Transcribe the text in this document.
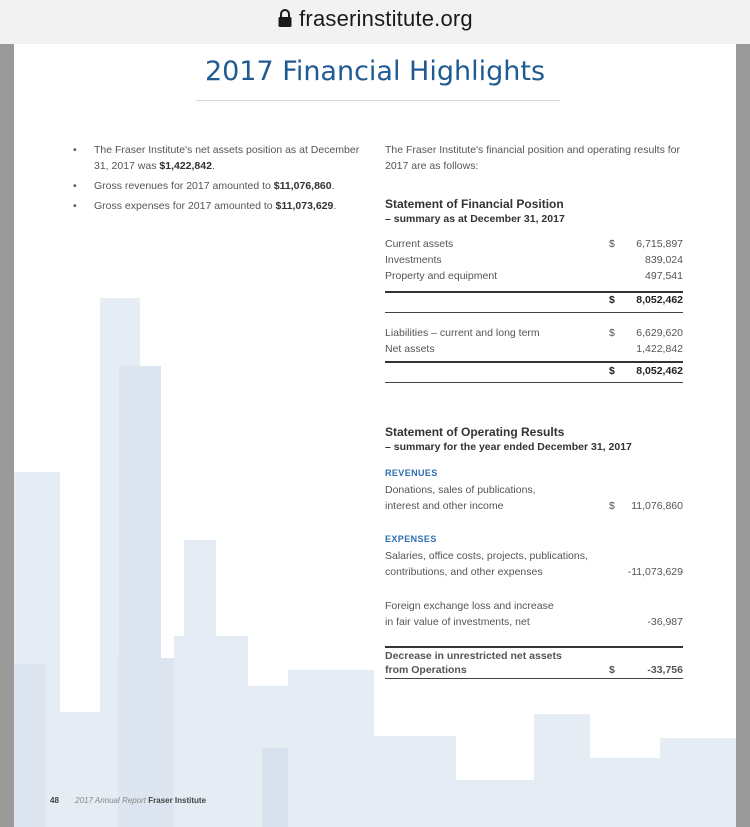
fraserinstitute.org
2017 Financial Highlights
• The Fraser Institute's net assets position as at December 31, 2017 was $1,422,842.
• Gross revenues for 2017 amounted to $11,076,860.
• Gross expenses for 2017 amounted to $11,073,629.
The Fraser Institute's financial position and operating results for 2017 are as follows:
Statement of Financial Position
– summary as at December 31, 2017
Current assets	$ 6,715,897
Investments	839,024
Property and equipment	497,541
$ 8,052,462
Liabilities – current and long term	$ 6,629,620
Net assets	1,422,842
$ 8,052,462
Statement of Operating Results
– summary for the year ended December 31, 2017
REVENUES
Donations, sales of publications,
interest and other income	$ 11,076,860
EXPENSES
Salaries, office costs, projects, publications,
contributions, and other expenses	-11,073,629
Foreign exchange loss and increase
in fair value of investments, net	-36,987
Decrease in unrestricted net assets
from Operations	$	-33,756
48 2017 Annual Report Fraser Institute
